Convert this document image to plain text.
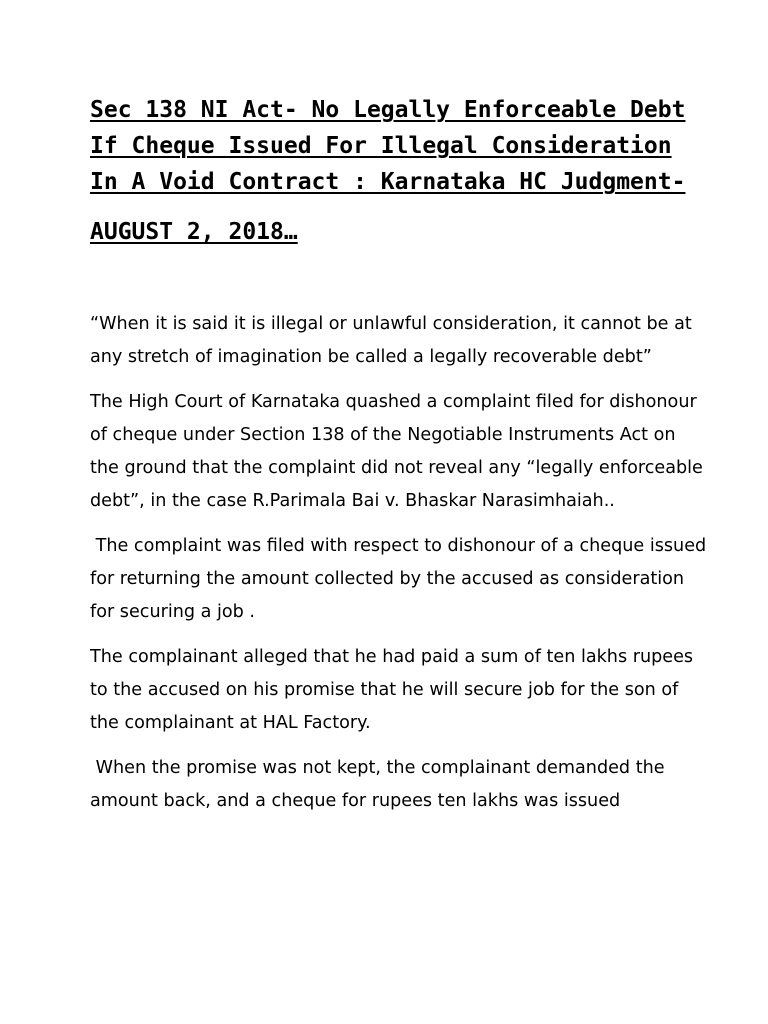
Sec 138 NI Act- No Legally Enforceable Debt If Cheque Issued For Illegal Consideration In A Void Contract : Karnataka HC Judgment-
AUGUST 2, 2018…

“When it is said it is illegal or unlawful consideration, it cannot be at any stretch of imagination be called a legally recoverable debt”

The High Court of Karnataka quashed a complaint filed for dishonour of cheque under Section 138 of the Negotiable Instruments Act on the ground that the complaint did not reveal any “legally enforceable debt”, in the case R.Parimala Bai v. Bhaskar Narasimhaiah..

The complaint was filed with respect to dishonour of a cheque issued for returning the amount collected by the accused as consideration for securing a job .

The complainant alleged that he had paid a sum of ten lakhs rupees to the accused on his promise that he will secure job for the son of the complainant at HAL Factory.

When the promise was not kept, the complainant demanded the amount back, and a cheque for rupees ten lakhs was issued
